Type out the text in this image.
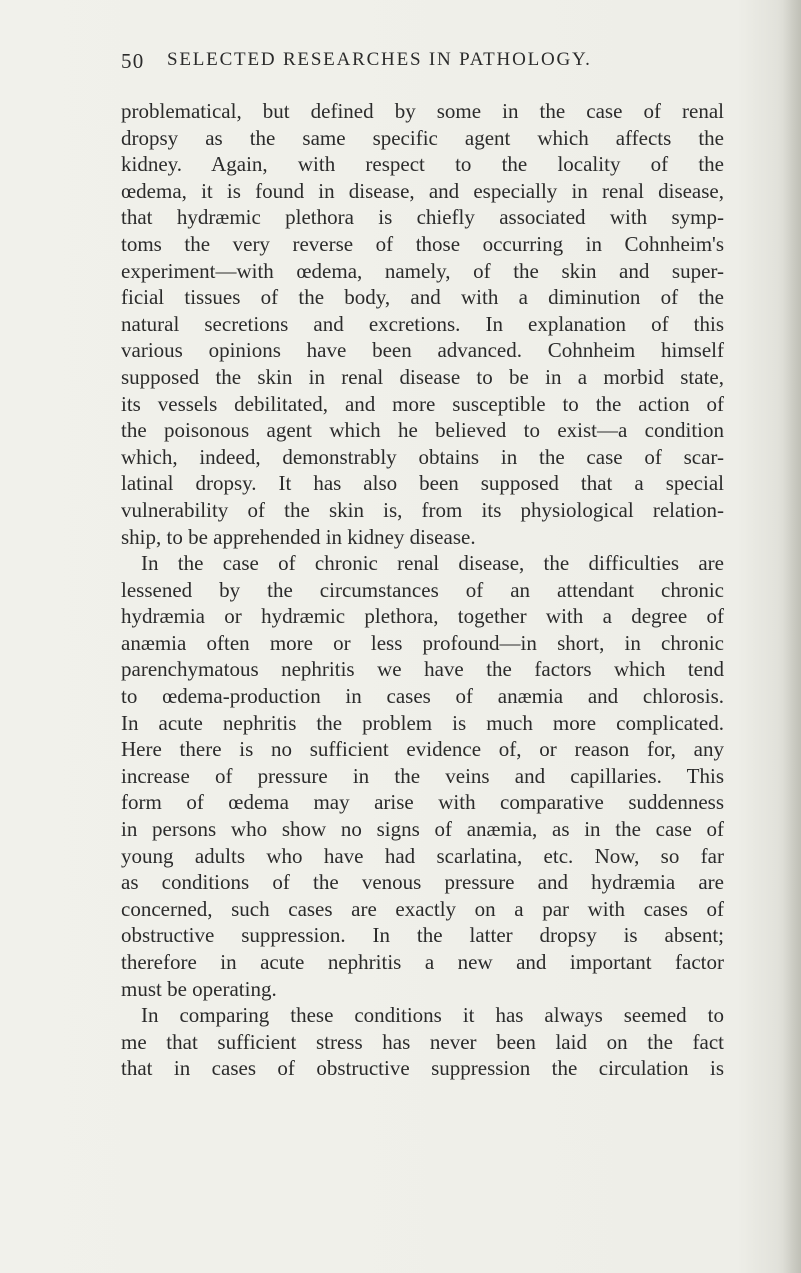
50 SELECTED RESEARCHES IN PATHOLOGY.
problematical, but defined by some in the case of renal
dropsy as the same specific agent which affects the
kidney. Again, with respect to the locality of the
œdema, it is found in disease, and especially in renal disease,
that hydræmic plethora is chiefly associated with symp-
toms the very reverse of those occurring in Cohnheim's
experiment—with œdema, namely, of the skin and super-
ficial tissues of the body, and with a diminution of the
natural secretions and excretions. In explanation of this
various opinions have been advanced. Cohnheim himself
supposed the skin in renal disease to be in a morbid state,
its vessels debilitated, and more susceptible to the action of
the poisonous agent which he believed to exist—a condition
which, indeed, demonstrably obtains in the case of scar-
latinal dropsy. It has also been supposed that a special
vulnerability of the skin is, from its physiological relation-
ship, to be apprehended in kidney disease.
In the case of chronic renal disease, the difficulties are
lessened by the circumstances of an attendant chronic
hydræmia or hydræmic plethora, together with a degree of
anæmia often more or less profound—in short, in chronic
parenchymatous nephritis we have the factors which tend
to œdema-production in cases of anæmia and chlorosis.
In acute nephritis the problem is much more complicated.
Here there is no sufficient evidence of, or reason for, any
increase of pressure in the veins and capillaries. This
form of œdema may arise with comparative suddenness
in persons who show no signs of anæmia, as in the case of
young adults who have had scarlatina, etc. Now, so far
as conditions of the venous pressure and hydræmia are
concerned, such cases are exactly on a par with cases of
obstructive suppression. In the latter dropsy is absent;
therefore in acute nephritis a new and important factor
must be operating.
In comparing these conditions it has always seemed to
me that sufficient stress has never been laid on the fact
that in cases of obstructive suppression the circulation is
